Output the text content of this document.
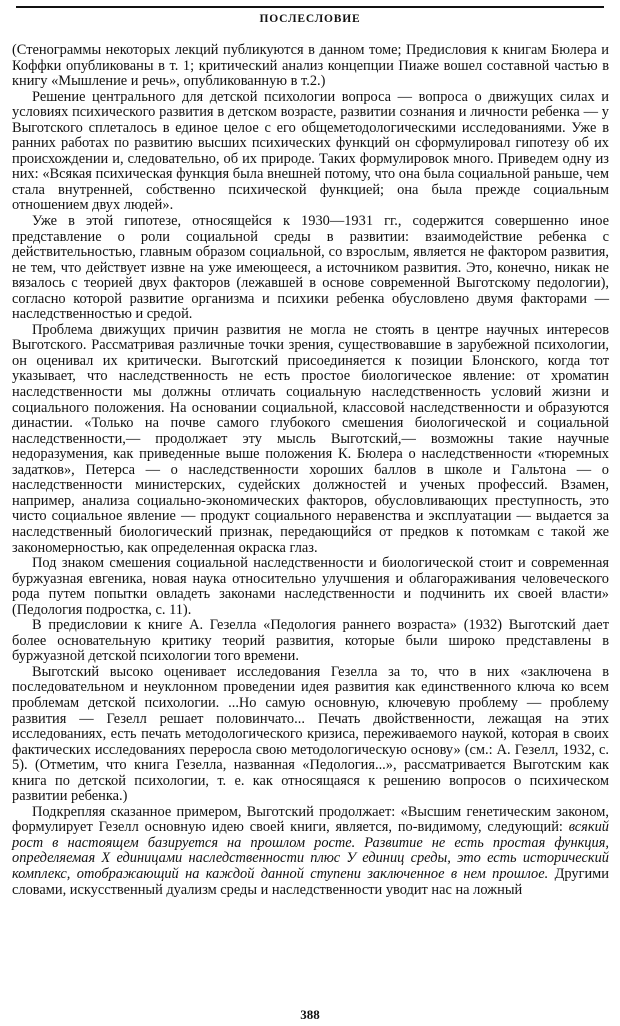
ПОСЛЕСЛОВИЕ

(Стенограммы некоторых лекций публикуются в данном томе; Предисловия к книгам Бюлера и Коффки опубликованы в т. 1; критический анализ концепции Пиаже вошел составной частью в книгу «Мышление и речь», опубликованную в т.2.)

Решение центрального для детской психологии вопроса — вопроса о движущих силах и условиях психического развития в детском возрасте, развитии сознания и личности ребенка — у Выготского сплеталось в единое целое с его общеметодологическими исследованиями. Уже в ранних работах по развитию высших психических функций он сформулировал гипотезу об их происхождении и, следовательно, об их природе. Таких формулировок много. Приведем одну из них: «Всякая психическая функция была внешней потому, что она была социальной раньше, чем стала внутренней, собственно психической функцией; она была прежде социальным отношением двух людей».

Уже в этой гипотезе, относящейся к 1930—1931 гг., содержится совершенно иное представление о роли социальной среды в развитии: взаимодействие ребенка с действительностью, главным образом социальной, со взрослым, является не фактором развития, не тем, что действует извне на уже имеющееся, а источником развития. Это, конечно, никак не вязалось с теорией двух факторов (лежавшей в основе современной Выготскому педологии), согласно которой развитие организма и психики ребенка обусловлено двумя факторами — наследственностью и средой.

Проблема движущих причин развития не могла не стоять в центре научных интересов Выготского. Рассматривая различные точки зрения, существовавшие в зарубежной психологии, он оценивал их критически. Выготский присоединяется к позиции Блонского, когда тот указывает, что наследственность не есть простое биологическое явление: от хроматин наследственности мы должны отличать социальную наследственность условий жизни и социального положения. На основании социальной, классовой наследственности и образуются династии. «Только на почве самого глубокого смешения биологической и социальной наследственности,— продолжает эту мысль Выготский,— возможны такие научные недоразумения, как приведенные выше положения К. Бюлера о наследственности «тюремных задатков», Петерса — о наследственности хороших баллов в школе и Гальтона — о наследственности министерских, судейских должностей и ученых профессий. Взамен, например, анализа социально-экономических факторов, обусловливающих преступность, это чисто социальное явление — продукт социального неравенства и эксплуатации — выдается за наследственный биологический признак, передающийся от предков к потомкам с такой же закономерностью, как определенная окраска глаз.

Под знаком смешения социальной наследственности и биологической стоит и современная буржуазная евгеника, новая наука относительно улучшения и облагораживания человеческого рода путем попытки овладеть законами наследственности и подчинить их своей власти» (Педология подростка, с. 11).

В предисловии к книге А. Гезелла «Педология раннего возраста» (1932) Выготский дает более основательную критику теорий развития, которые были широко представлены в буржуазной детской психологии того времени.

Выготский высоко оценивает исследования Гезелла за то, что в них «заключена в последовательном и неуклонном проведении идея развития как единственного ключа ко всем проблемам детской психологии. ...Но самую основную, ключевую проблему — проблему развития — Гезелл решает половинчато... Печать двойственности, лежащая на этих исследованиях, есть печать методологического кризиса, переживаемого наукой, которая в своих фактических исследованиях переросла свою методологическую основу» (см.: А. Гезелл, 1932, с. 5). (Отметим, что книга Гезелла, названная «Педология...», рассматривается Выготским как книга по детской психологии, т. е. как относящаяся к решению вопросов о психическом развитии ребенка.)

Подкрепляя сказанное примером, Выготский продолжает: «Высшим генетическим законом, формулирует Гезелл основную идею своей книги, является, по-видимому, следующий: всякий рост в настоящем базируется на прошлом росте. Развитие не есть простая функция, определяемая X единицами наследственности плюс У единиц среды, это есть исторический комплекс, отображающий на каждой данной ступени заключенное в нем прошлое. Другими словами, искусственный дуализм среды и наследственности уводит нас на ложный

388
